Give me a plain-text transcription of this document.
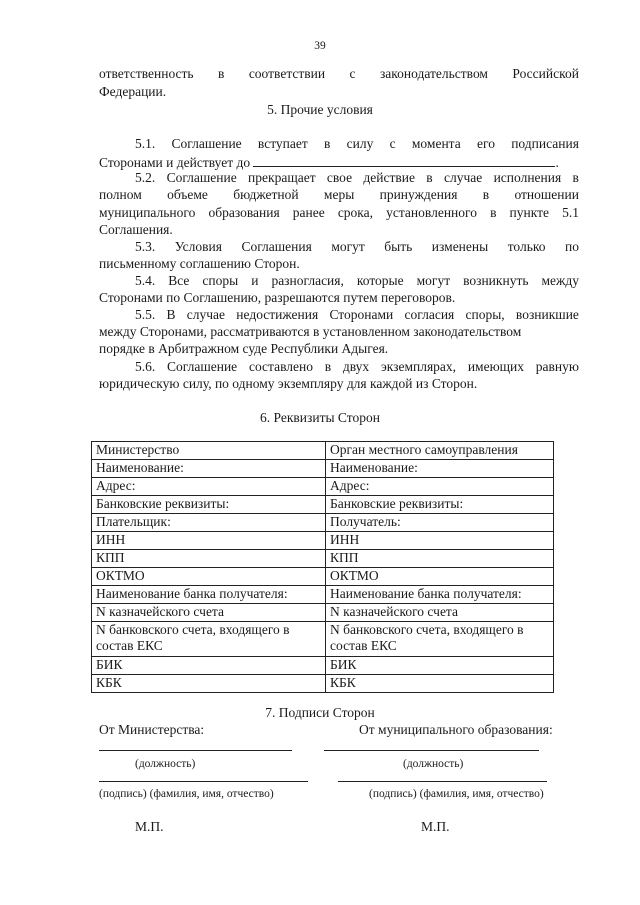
39
ответственность в соответствии с законодательством Российской
Федерации.
5. Прочие условия
5.1. Соглашение вступает в силу с момента его подписания
Сторонами и действует до	.
5.2. Соглашение прекращает свое действие в случае исполнения в
полном объеме бюджетной меры принуждения в отношении
муниципального образования ранее срока, установленного в пункте 5.1
Соглашения.
5.3. Условия Соглашения могут быть изменены только по
письменному соглашению Сторон.
5.4. Все споры и разногласия, которые могут возникнуть между
Сторонами по Соглашению, разрешаются путем переговоров.
5.5. В случае недостижения Сторонами согласия споры, возникшие
между Сторонами, рассматриваются в установленном законодательством
порядке в Арбитражном суде Республики Адыгея.
5.6. Соглашение составлено в двух экземплярах, имеющих равную
юридическую силу, по одному экземпляру для каждой из Сторон.
6. Реквизиты Сторон
Министерство	Орган местного самоуправления
Наименование:	Наименование:
Адрес:	Адрес:
Банковские реквизиты:	Банковские реквизиты:
Плательщик:	Получатель:
ИНН	ИНН
КПП	КПП
ОКТМО	ОКТМО
Наименование банка получателя:	Наименование банка получателя:
N казначейского счета	N казначейского счета
N банковского счета, входящего в состав ЕКС	N банковского счета, входящего в состав ЕКС
БИК	БИК
КБК	КБК
7. Подписи Сторон
От Министерства:	От муниципального образования:
(должность)	(должность)
(подпись) (фамилия, имя, отчество)	(подпись) (фамилия, имя, отчество)
М.П.	М.П.
